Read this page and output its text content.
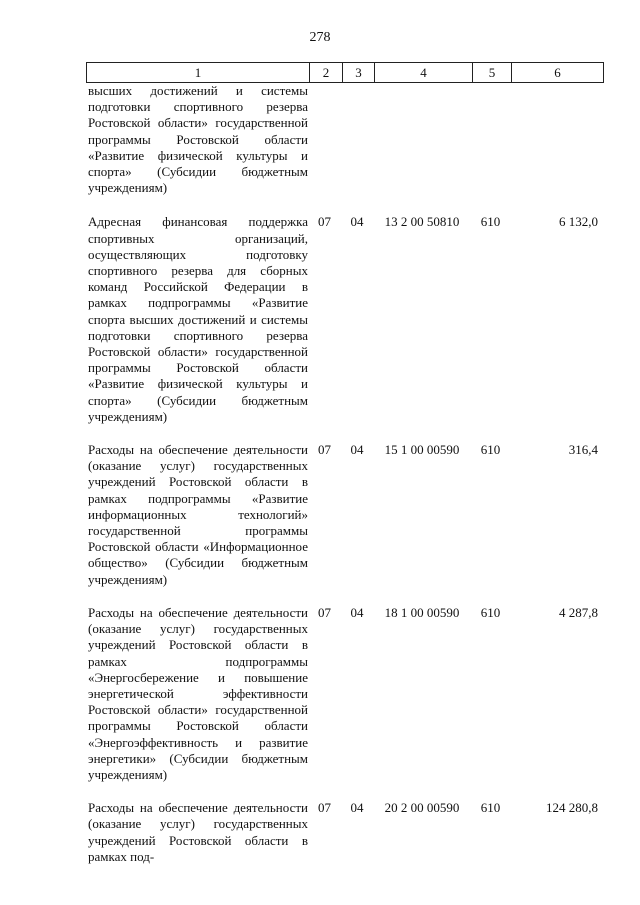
278
1	2	3	4	5	6
высших достижений и системы подготовки спортивного резерва Ростовской области» государственной программы Ростовской области «Развитие физической культуры и спорта» (Субсидии бюджетным учреждениям)
Адресная финансовая поддержка спортивных организаций, осуществляющих подготовку спортивного резерва для сборных команд Российской Федерации в рамках подпрограммы «Развитие спорта высших достижений и системы подготовки спортивного резерва Ростовской области» государственной программы Ростовской области «Развитие физической культуры и спорта» (Субсидии бюджетным учреждениям)
07	04	13 2 00 50810	610	6 132,0
Расходы на обеспечение деятельности (оказание услуг) государственных учреждений Ростовской области в рамках подпрограммы «Развитие информационных технологий» государственной программы Ростовской области «Информационное общество» (Субсидии бюджетным учреждениям)
07	04	15 1 00 00590	610	316,4
Расходы на обеспечение деятельности (оказание услуг) государственных учреждений Ростовской области в рамках подпрограммы «Энергосбережение и повышение энергетической эффективности Ростовской области» государственной программы Ростовской области «Энергоэффективность и развитие энергетики» (Субсидии бюджетным учреждениям)
07	04	18 1 00 00590	610	4 287,8
Расходы на обеспечение деятельности (оказание услуг) государственных учреждений Ростовской области в рамках под-
07	04	20 2 00 00590	610	124 280,8
